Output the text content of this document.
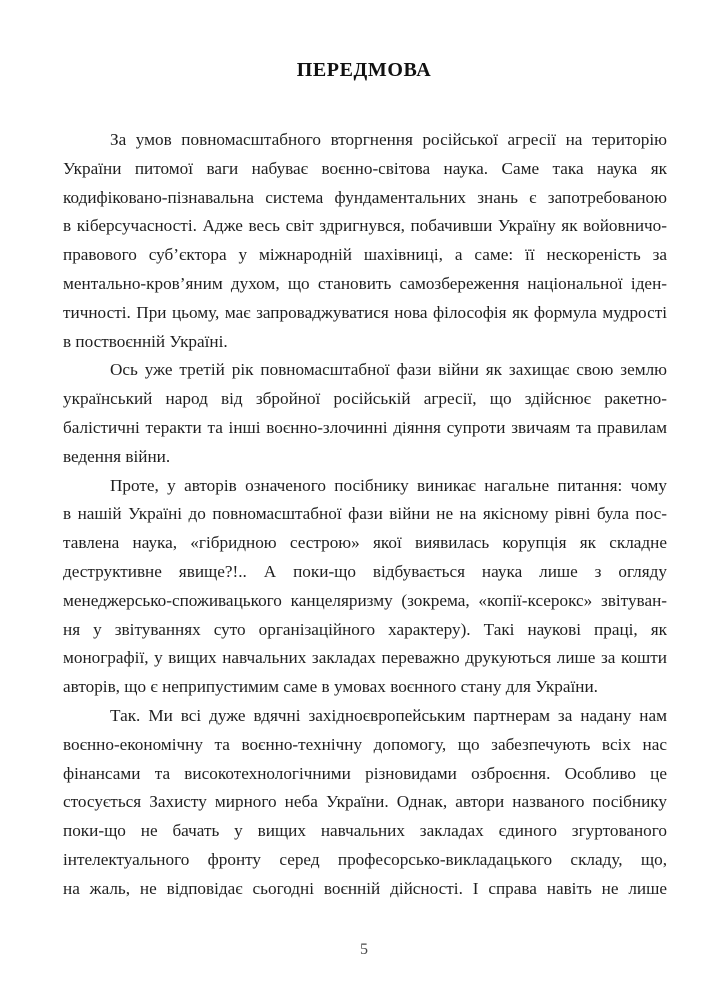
ПЕРЕДМОВА
За умов повномасштабного вторгнення російської агресії на територію
України питомої ваги набуває воєнно-світова наука. Саме така наука як
кодифіковано-пізнавальна система фундаментальних знань є запотребованою
в кіберсучасності. Адже весь світ здригнувся, побачивши Україну як войовничо-
правового суб’єктора у міжнародній шахівниці, а саме: її нескореність за
ментально-кров’яним духом, що становить самозбереження національної іден-
тичності. При цьому, має запроваджуватися нова філософія як формула мудрості
в поствоєнній Україні.
Ось уже третій рік повномасштабної фази війни як захищає свою землю
український народ від збройної російській агресії, що здійснює ракетно-
балістичні теракти та інші воєнно-злочинні діяння супроти звичаям та правилам
ведення війни.
Проте, у авторів означеного посібнику виникає нагальне питання: чому
в нашій Україні до повномасштабної фази війни не на якісному рівні була пос-
тавлена наука, «гібридною сестрою» якої виявилась корупція як складне
деструктивне явище?!.. А поки-що відбувається наука лише з огляду
менеджерсько-споживацького канцеляризму (зокрема, «копії-ксерокс» звітуван-
ня у звітуваннях суто організаційного характеру). Такі наукові праці, як
монографії, у вищих навчальних закладах переважно друкуються лише за кошти
авторів, що є неприпустимим саме в умовах воєнного стану для України.
Так. Ми всі дуже вдячні західноєвропейським партнерам за надану нам
воєнно-економічну та воєнно-технічну допомогу, що забезпечують всіх нас
фінансами та високотехнологічними різновидами озброєння. Особливо це
стосується Захисту мирного неба України. Однак, автори названого посібнику
поки-що не бачать у вищих навчальних закладах єдиного згуртованого
інтелектуального фронту серед професорсько-викладацького складу, що,
на жаль, не відповідає сьогодні воєнній дійсності. І справа навіть не лише
5
